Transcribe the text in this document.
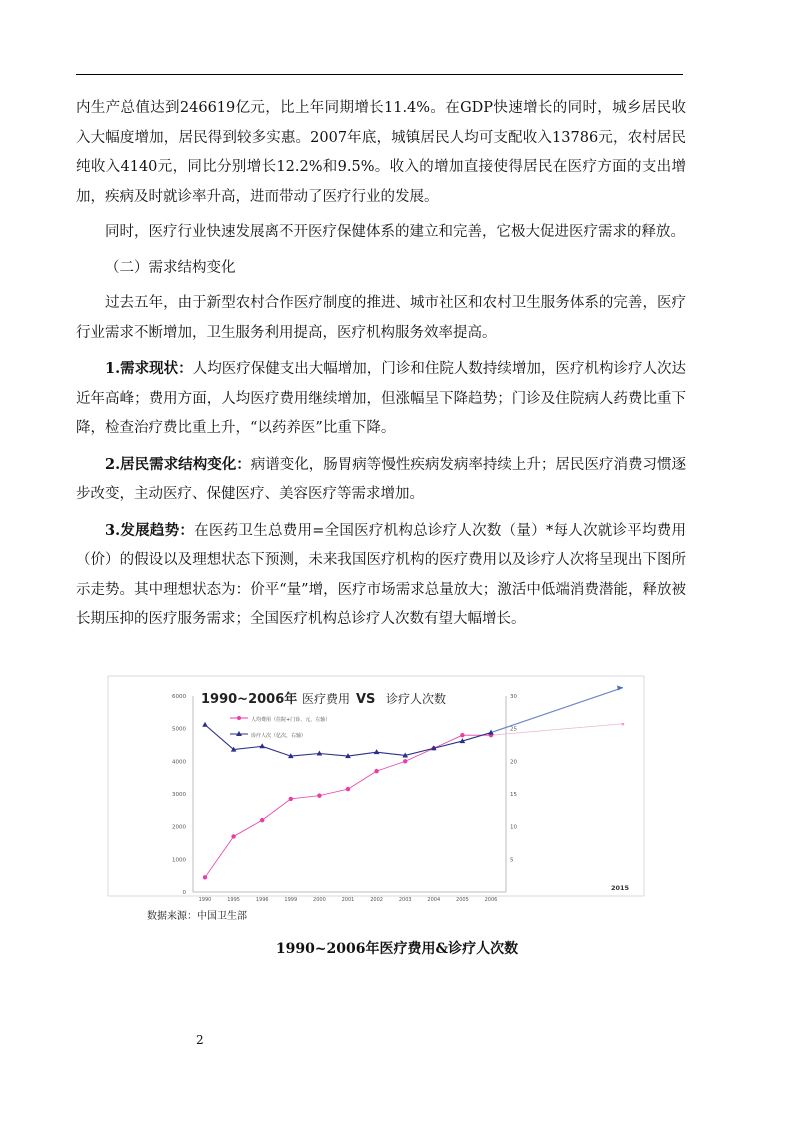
内生产总值达到246619亿元，比上年同期增长11.4%。在GDP快速增长的同时，城乡居民收入大幅度增加，居民得到较多实惠。2007年底，城镇居民人均可支配收入13786元，农村居民纯收入4140元，同比分别增长12.2%和9.5%。收入的增加直接使得居民在医疗方面的支出增加，疾病及时就诊率升高，进而带动了医疗行业的发展。

同时，医疗行业快速发展离不开医疗保健体系的建立和完善，它极大促进医疗需求的释放。

（二）需求结构变化

过去五年，由于新型农村合作医疗制度的推进、城市社区和农村卫生服务体系的完善，医疗行业需求不断增加，卫生服务利用提高，医疗机构服务效率提高。

1.需求现状：人均医疗保健支出大幅增加，门诊和住院人数持续增加，医疗机构诊疗人次达近年高峰；费用方面，人均医疗费用继续增加，但涨幅呈下降趋势；门诊及住院病人药费比重下降，检查治疗费比重上升，“以药养医”比重下降。

2.居民需求结构变化：病谱变化，肠胃病等慢性疾病发病率持续上升；居民医疗消费习惯逐步改变，主动医疗、保健医疗、美容医疗等需求增加。

3.发展趋势：在医药卫生总费用=全国医疗机构总诊疗人次数（量）*每人次就诊平均费用（价）的假设以及理想状态下预测，未来我国医疗机构的医疗费用以及诊疗人次将呈现出下图所示走势。其中理想状态为：价平“量”增，医疗市场需求总量放大；激活中低端消费潜能，释放被长期压抑的医疗服务需求；全国医疗机构总诊疗人次数有望大幅增长。

1990~2006年 医疗费用 VS 诊疗人次数
人均费用（住院+门诊，元，左轴）
诊疗人次（亿次，右轴）
6000
5000
4000
3000
2000
1000
0
30
25
20
15
10
5
1990	1995	1996	1999	2000	2001	2002	2003	2004	2005	2006
2015
»
数据来源：中国卫生部
1990~2006年医疗费用&诊疗人次数
2
